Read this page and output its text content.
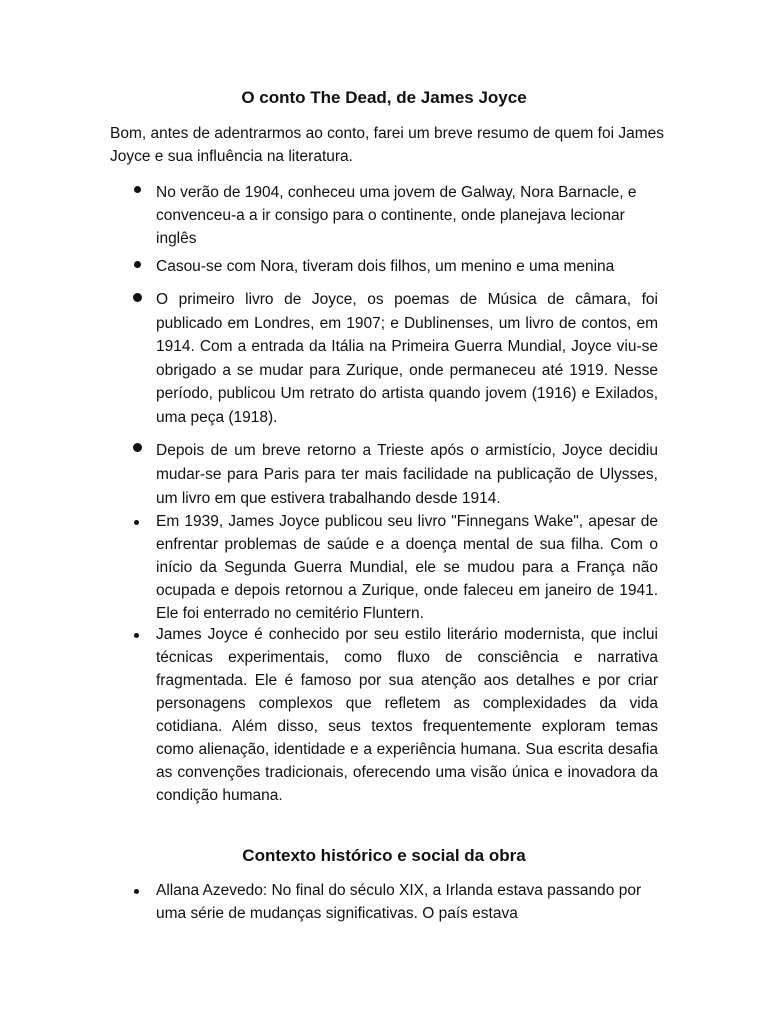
O conto The Dead, de James Joyce

Bom, antes de adentrarmos ao conto, farei um breve resumo de quem foi James Joyce e sua influência na literatura.

No verão de 1904, conheceu uma jovem de Galway, Nora Barnacle, e convenceu-a a ir consigo para o continente, onde planejava lecionar inglês

Casou-se com Nora, tiveram dois filhos, um menino e uma menina

O primeiro livro de Joyce, os poemas de Música de câmara, foi publicado em Londres, em 1907; e Dublinenses, um livro de contos, em 1914. Com a entrada da Itália na Primeira Guerra Mundial, Joyce viu-se obrigado a se mudar para Zurique, onde permaneceu até 1919. Nesse período, publicou Um retrato do artista quando jovem (1916) e Exilados, uma peça (1918).

Depois de um breve retorno a Trieste após o armistício, Joyce decidiu mudar-se para Paris para ter mais facilidade na publicação de Ulysses, um livro em que estivera trabalhando desde 1914.

Em 1939, James Joyce publicou seu livro "Finnegans Wake", apesar de enfrentar problemas de saúde e a doença mental de sua filha. Com o início da Segunda Guerra Mundial, ele se mudou para a França não ocupada e depois retornou a Zurique, onde faleceu em janeiro de 1941. Ele foi enterrado no cemitério Fluntern.

James Joyce é conhecido por seu estilo literário modernista, que inclui técnicas experimentais, como fluxo de consciência e narrativa fragmentada. Ele é famoso por sua atenção aos detalhes e por criar personagens complexos que refletem as complexidades da vida cotidiana. Além disso, seus textos frequentemente exploram temas como alienação, identidade e a experiência humana. Sua escrita desafia as convenções tradicionais, oferecendo uma visão única e inovadora da condição humana.

Contexto histórico e social da obra

Allana Azevedo: No final do século XIX, a Irlanda estava passando por uma série de mudanças significativas. O país estava
